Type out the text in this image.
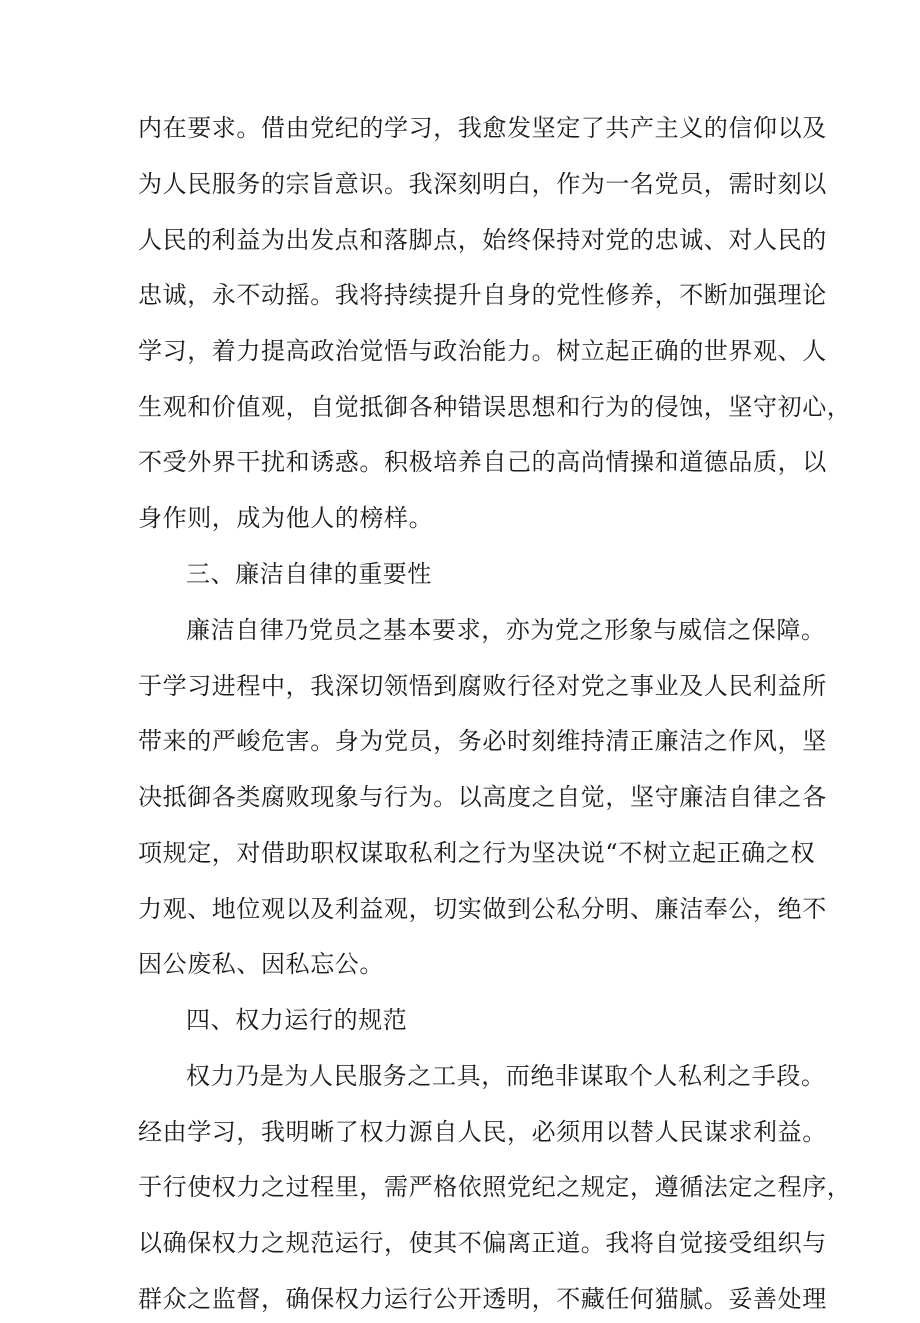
内在要求。借由党纪的学习，我愈发坚定了共产主义的信仰以及
为人民服务的宗旨意识。我深刻明白，作为一名党员，需时刻以
人民的利益为出发点和落脚点，始终保持对党的忠诚、对人民的
忠诚，永不动摇。我将持续提升自身的党性修养，不断加强理论
学习，着力提高政治觉悟与政治能力。树立起正确的世界观、人
生观和价值观，自觉抵御各种错误思想和行为的侵蚀，坚守初心，
不受外界干扰和诱惑。积极培养自己的高尚情操和道德品质，以
身作则，成为他人的榜样。
三、廉洁自律的重要性
廉洁自律乃党员之基本要求，亦为党之形象与威信之保障。
于学习进程中，我深切领悟到腐败行径对党之事业及人民利益所
带来的严峻危害。身为党员，务必时刻维持清正廉洁之作风，坚
决抵御各类腐败现象与行为。以高度之自觉，坚守廉洁自律之各
项规定，对借助职权谋取私利之行为坚决说“不树立起正确之权
力观、地位观以及利益观，切实做到公私分明、廉洁奉公，绝不
因公废私、因私忘公。
四、权力运行的规范
权力乃是为人民服务之工具，而绝非谋取个人私利之手段。
经由学习，我明晰了权力源自人民，必须用以替人民谋求利益。
于行使权力之过程里，需严格依照党纪之规定，遵循法定之程序，
以确保权力之规范运行，使其不偏离正道。我将自觉接受组织与
群众之监督，确保权力运行公开透明，不藏任何猫腻。妥善处理
